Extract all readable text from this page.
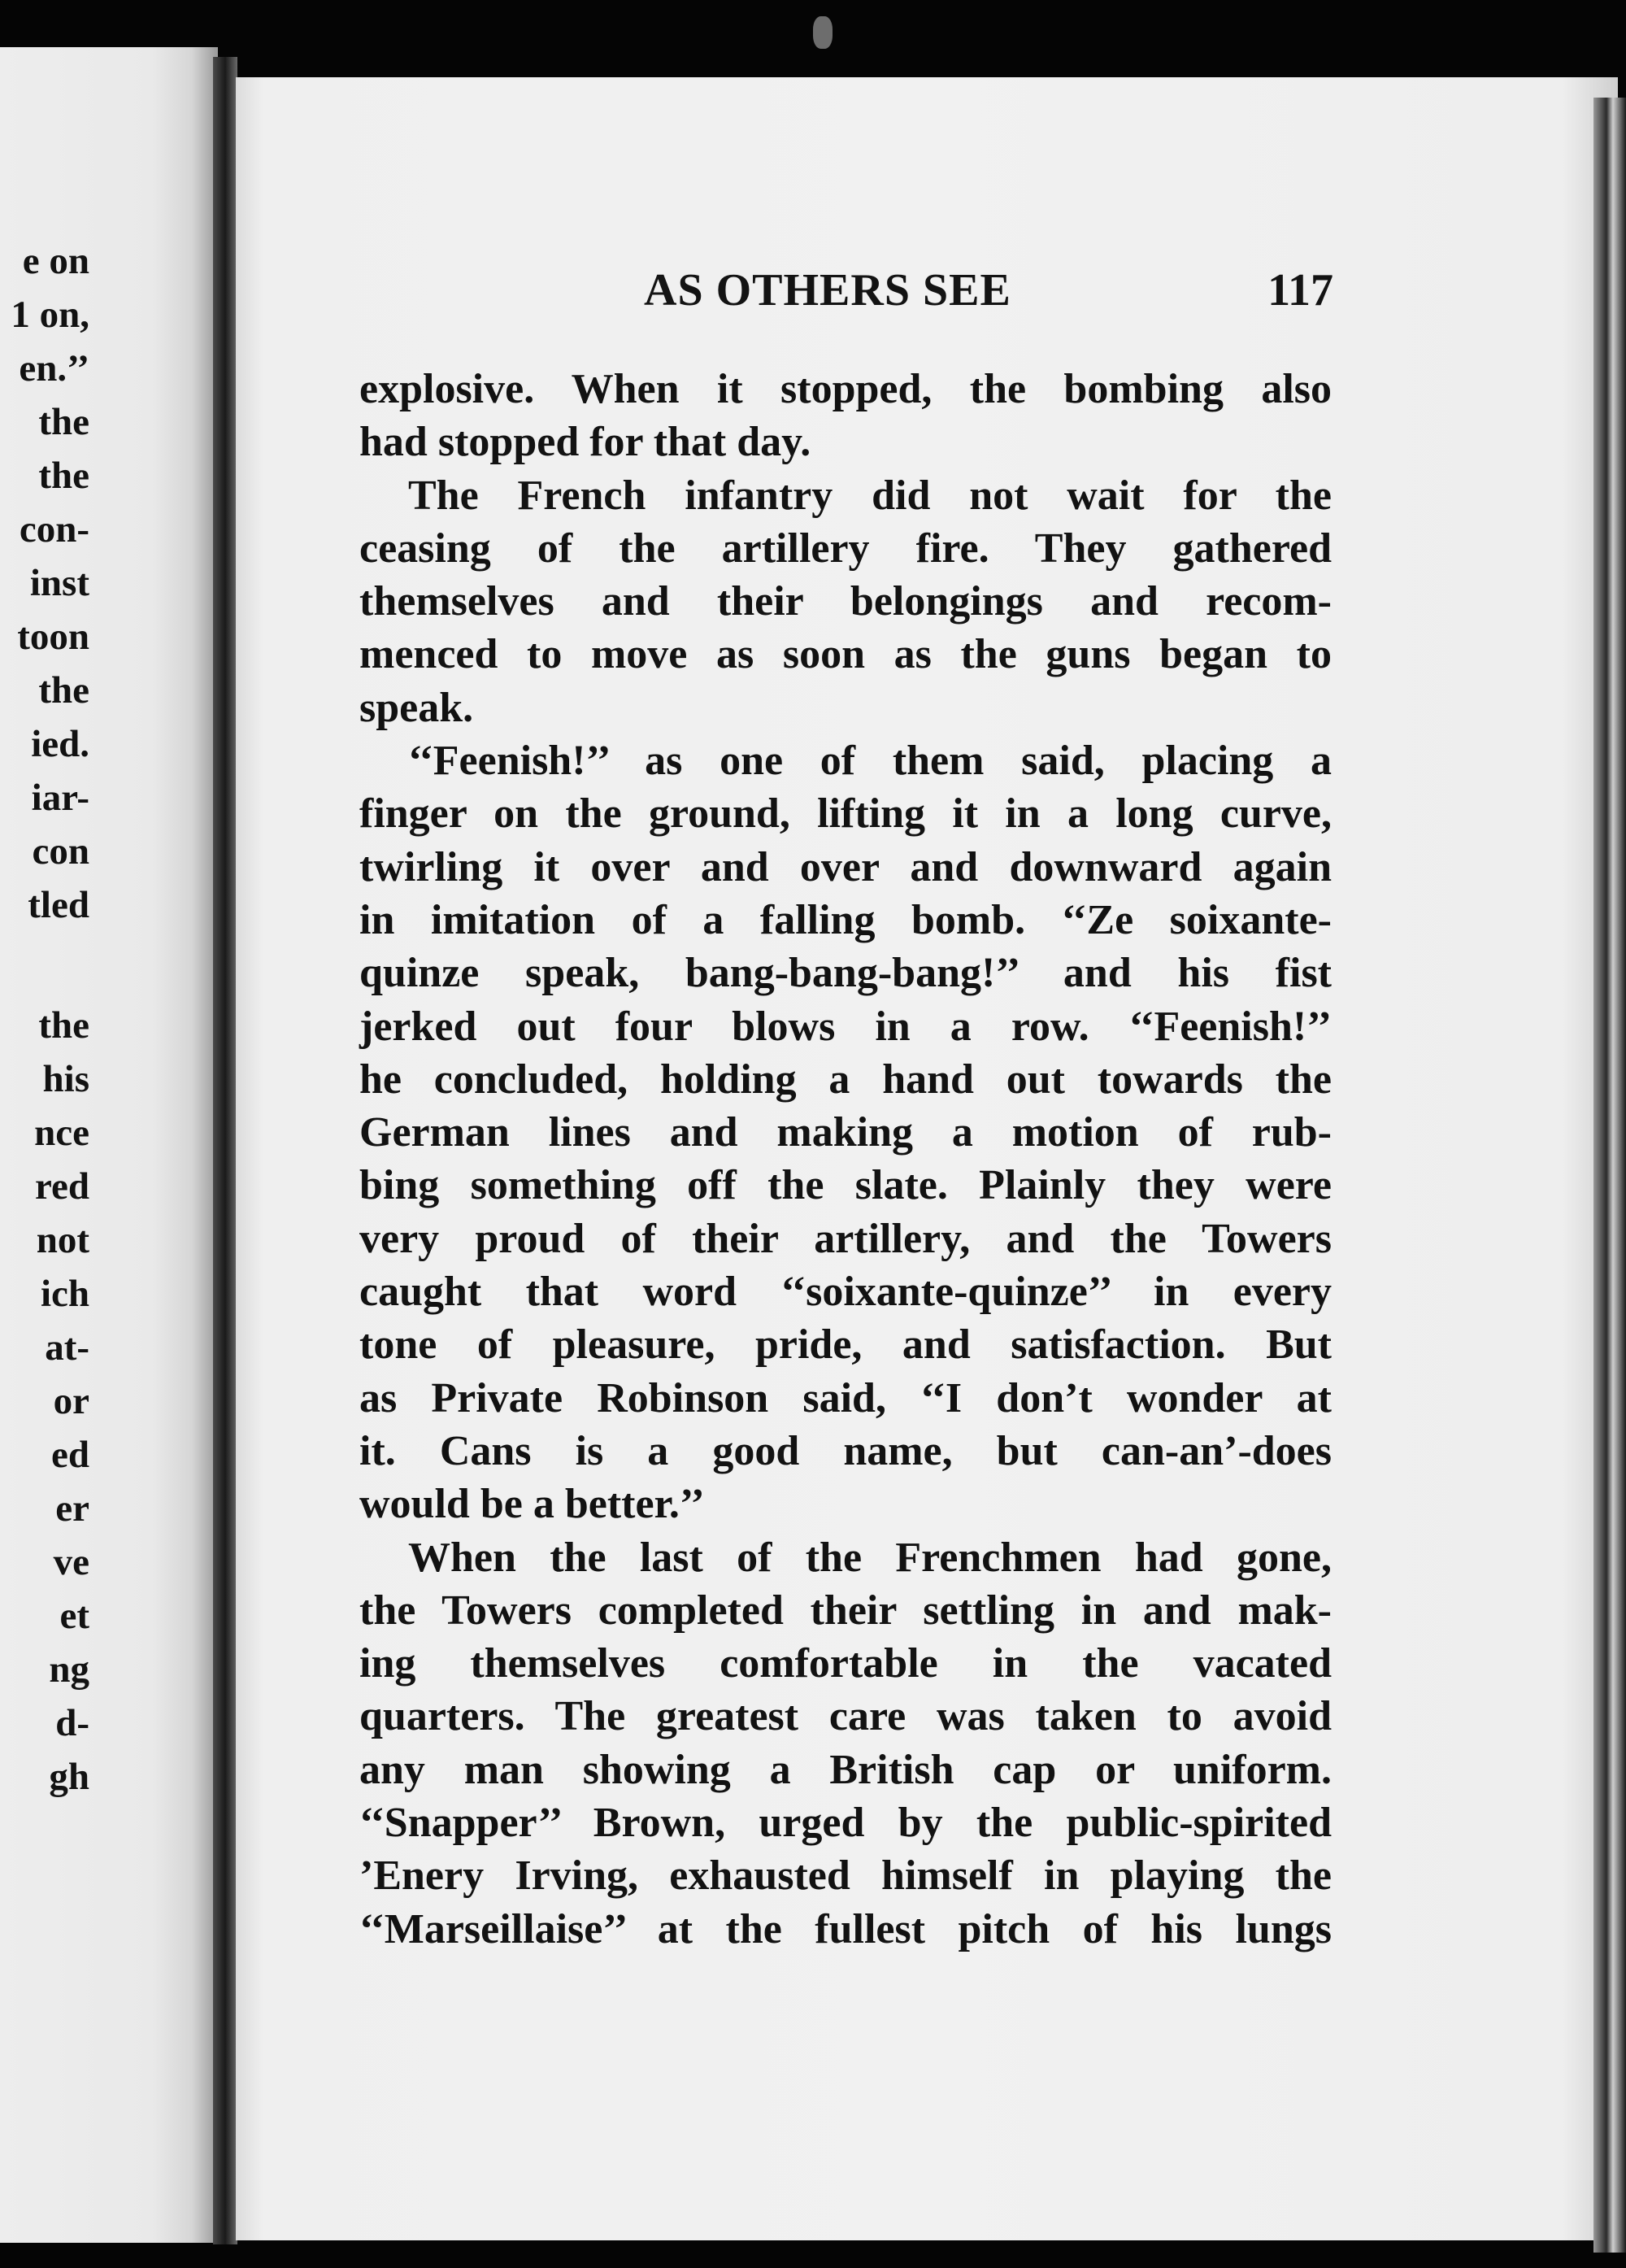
e on
1 on,
en.’’
the
the
con-
inst
toon
the
ied.
iar-
con
tled
the
his
nce
red
not
ich
at-
or
ed
er
ve
et
ng
d-
gh
AS OTHERS SEE	117
explosive. When it stopped, the bombing also
had stopped for that day.
The French infantry did not wait for the
ceasing of the artillery fire. They gathered
themselves and their belongings and recom-
menced to move as soon as the guns began to
speak.
‘‘Feenish!’’ as one of them said, placing a
finger on the ground, lifting it in a long curve,
twirling it over and over and downward again
in imitation of a falling bomb. ‘‘Ze soixante-
quinze speak, bang-bang-bang!’’ and his fist
jerked out four blows in a row. ‘‘Feenish!’’
he concluded, holding a hand out towards the
German lines and making a motion of rub-
bing something off the slate. Plainly they were
very proud of their artillery, and the Towers
caught that word ‘‘soixante-quinze’’ in every
tone of pleasure, pride, and satisfaction. But
as Private Robinson said, ‘‘I don’t wonder at
it. Cans is a good name, but can-an’-does
would be a better.’’
When the last of the Frenchmen had gone,
the Towers completed their settling in and mak-
ing themselves comfortable in the vacated
quarters. The greatest care was taken to avoid
any man showing a British cap or uniform.
‘‘Snapper’’ Brown, urged by the public-spirited
’Enery Irving, exhausted himself in playing the
‘‘Marseillaise’’ at the fullest pitch of his lungs
